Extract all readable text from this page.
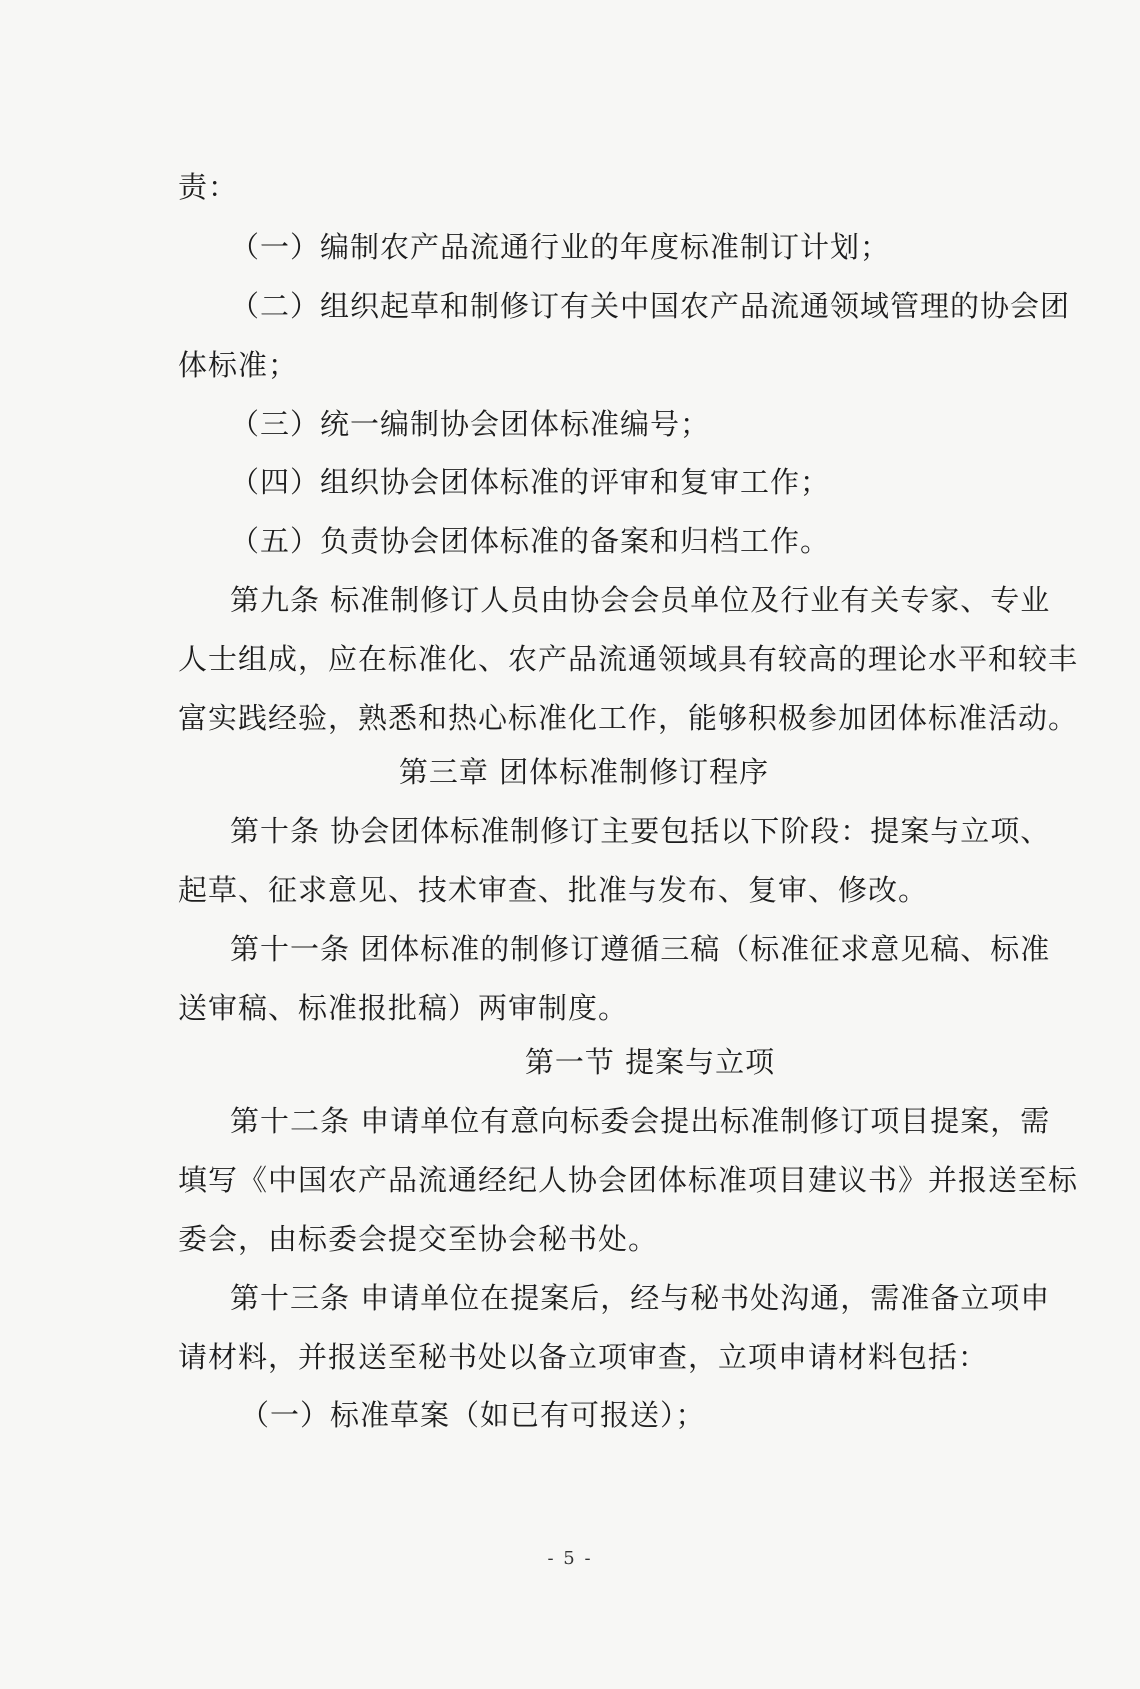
责：
（一）编制农产品流通行业的年度标准制订计划；
（二）组织起草和制修订有关中国农产品流通领域管理的协会团
体标准；
（三）统一编制协会团体标准编号；
（四）组织协会团体标准的评审和复审工作；
（五）负责协会团体标准的备案和归档工作。
第九条 标准制修订人员由协会会员单位及行业有关专家、专业
人士组成，应在标准化、农产品流通领域具有较高的理论水平和较丰
富实践经验，熟悉和热心标准化工作，能够积极参加团体标准活动。
第三章 团体标准制修订程序
第十条 协会团体标准制修订主要包括以下阶段：提案与立项、
起草、征求意见、技术审查、批准与发布、复审、修改。
第十一条 团体标准的制修订遵循三稿（标准征求意见稿、标准
送审稿、标准报批稿）两审制度。
第一节 提案与立项
第十二条 申请单位有意向标委会提出标准制修订项目提案，需
填写《中国农产品流通经纪人协会团体标准项目建议书》并报送至标
委会，由标委会提交至协会秘书处。
第十三条 申请单位在提案后，经与秘书处沟通，需准备立项申
请材料，并报送至秘书处以备立项审查，立项申请材料包括：
（一）标准草案（如已有可报送）；
- 5 -
